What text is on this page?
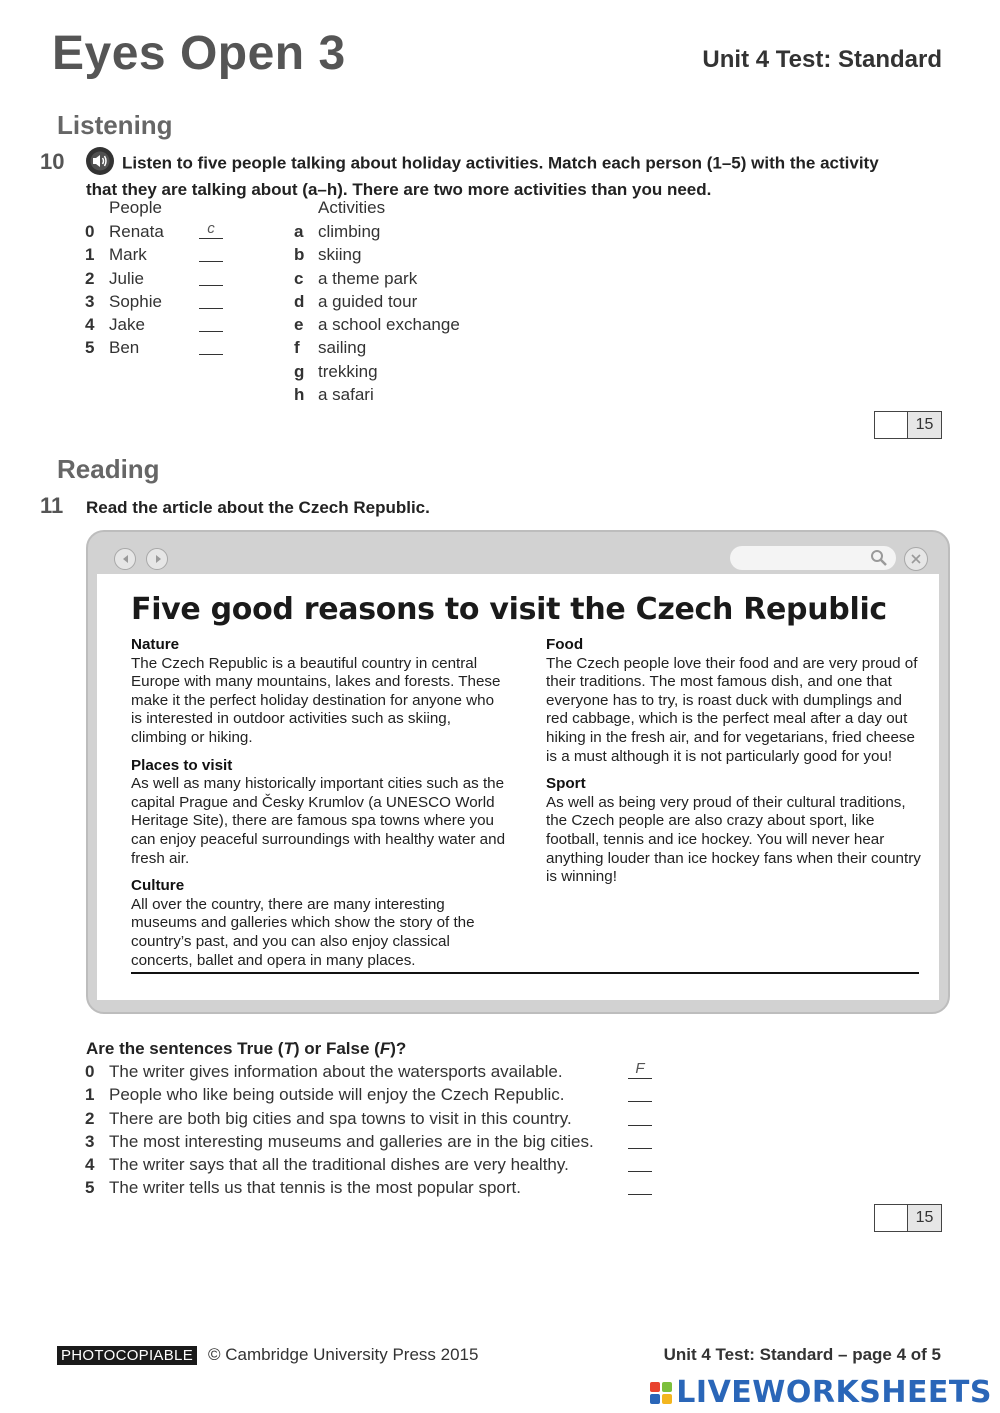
Eyes Open 3	Unit 4 Test: Standard
Listening
10	Listen to five people talking about holiday activities. Match each person (1–5) with the activity
that they are talking about (a–h). There are two more activities than you need.
People	Activities
0 Renata	c
1 Mark
2 Julie
3 Sophie
4 Jake
5 Ben
a climbing
b skiing
c a theme park
d a guided tour
e a school exchange
f sailing
g trekking
h a safari
15
Reading
11 Read the article about the Czech Republic.
Five good reasons to visit the Czech Republic
Nature

The Czech Republic is a beautiful country in central Europe with many mountains, lakes and forests. These make it the perfect holiday destination for anyone who is interested in outdoor activities such as skiing, climbing or hiking.

Places to visit

As well as many historically important cities such as the capital Prague and Česky Krumlov (a UNESCO World Heritage Site), there are famous spa towns where you can enjoy peaceful surroundings with healthy water and fresh air.

Culture

All over the country, there are many interesting museums and galleries which show the story of the country’s past, and you can also enjoy classical concerts, ballet and opera in many places.

Food

The Czech people love their food and are very proud of their traditions. The most famous dish, and one that everyone has to try, is roast duck with dumplings and red cabbage, which is the perfect meal after a day out hiking in the fresh air, and for vegetarians, fried cheese is a must although it is not particularly good for you!

Sport

As well as being very proud of their cultural traditions, the Czech people are also crazy about sport, like football, tennis and ice hockey. You will never hear anything louder than ice hockey fans when their country is winning!

Are the sentences True (T) or False (F)?
0 The writer gives information about the watersports available.	F
1 People who like being outside will enjoy the Czech Republic.
2 There are both big cities and spa towns to visit in this country.
3 The most interesting museums and galleries are in the big cities.
4 The writer says that all the traditional dishes are very healthy.
5 The writer tells us that tennis is the most popular sport.
15
PHOTOCOPIABLE © Cambridge University Press 2015	Unit 4 Test: Standard – page 4 of 5
LIVEWORKSHEETS
